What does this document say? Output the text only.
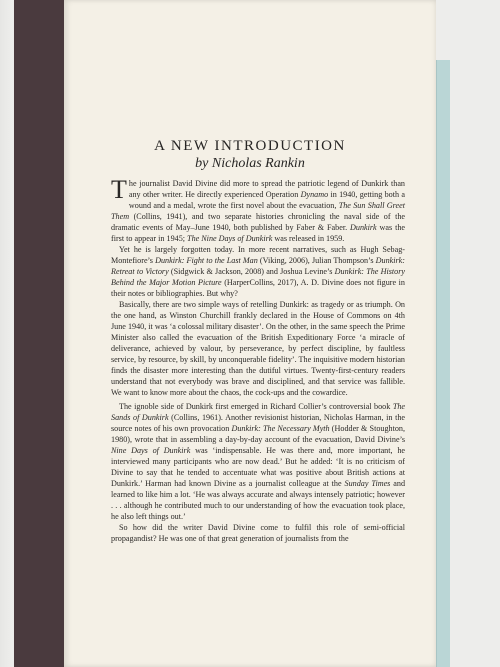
A NEW INTRODUCTION
by Nicholas Rankin

The journalist David Divine did more to spread the patriotic legend of Dunkirk than any other writer. He directly experienced Operation Dynamo in 1940, getting both a wound and a medal, wrote the first novel about the evacuation, The Sun Shall Greet Them (Collins, 1941), and two separate histories chronicling the naval side of the dramatic events of May–June 1940, both published by Faber & Faber. Dunkirk was the first to appear in 1945; The Nine Days of Dunkirk was released in 1959.

Yet he is largely forgotten today. In more recent narratives, such as Hugh Sebag-Montefiore’s Dunkirk: Fight to the Last Man (Viking, 2006), Julian Thompson’s Dunkirk: Retreat to Victory (Sidgwick & Jackson, 2008) and Joshua Levine’s Dunkirk: The History Behind the Major Motion Picture (HarperCollins, 2017), A. D. Divine does not figure in their notes or bibliographies. But why?

Basically, there are two simple ways of retelling Dunkirk: as tragedy or as triumph. On the one hand, as Winston Churchill frankly declared in the House of Commons on 4th June 1940, it was ‘a colossal military disaster’. On the other, in the same speech the Prime Minister also called the evacuation of the British Expeditionary Force ‘a miracle of deliverance, achieved by valour, by perseverance, by perfect discipline, by faultless service, by resource, by skill, by unconquerable fidelity’. The inquisitive modern historian finds the disaster more interesting than the dutiful virtues. Twenty-first-century readers understand that not everybody was brave and disciplined, and that service was fallible. We want to know more about the chaos, the cock-ups and the cowardice.

The ignoble side of Dunkirk first emerged in Richard Collier’s controversial book The Sands of Dunkirk (Collins, 1961). Another revisionist historian, Nicholas Harman, in the source notes of his own provocation Dunkirk: The Necessary Myth (Hodder & Stoughton, 1980), wrote that in assembling a day-by-day account of the evacuation, David Divine’s Nine Days of Dunkirk was ‘indispensable. He was there and, more important, he interviewed many participants who are now dead.’ But he added: ‘It is no criticism of Divine to say that he tended to accentuate what was positive about British actions at Dunkirk.’ Harman had known Divine as a journalist colleague at the Sunday Times and learned to like him a lot. ‘He was always accurate and always intensely patriotic; however . . . although he contributed much to our understanding of how the evacuation took place, he also left things out.’

So how did the writer David Divine come to fulfil this role of semi-official propagandist? He was one of that great generation of journalists from the
